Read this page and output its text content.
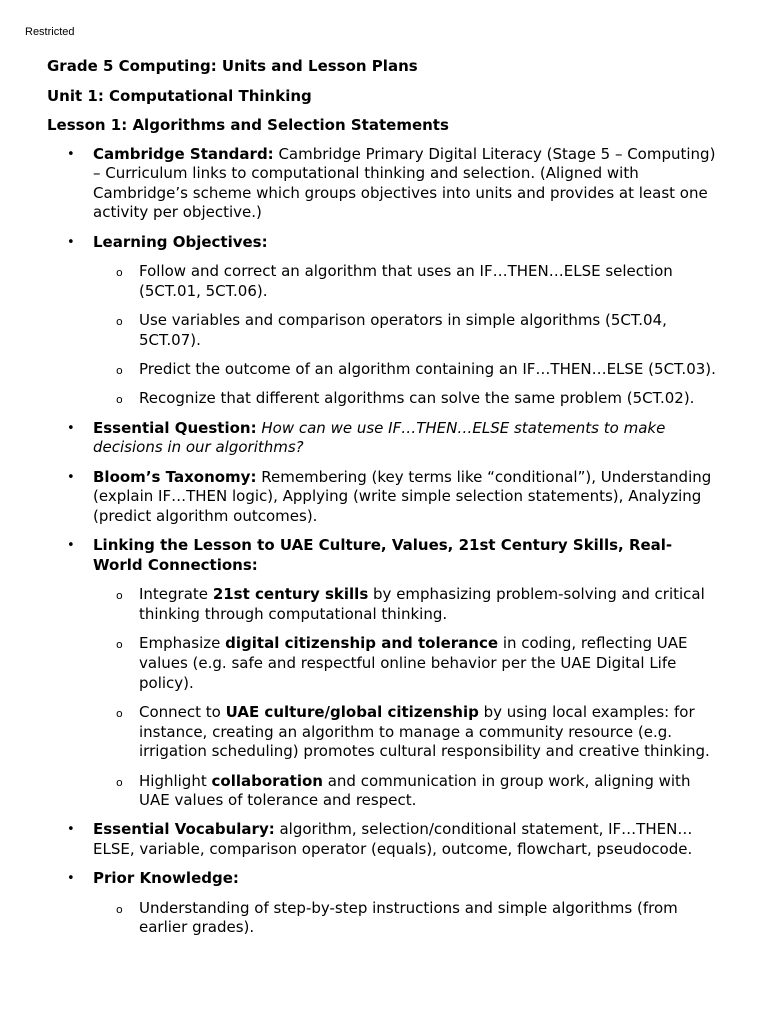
Restricted
Grade 5 Computing: Units and Lesson Plans
Unit 1: Computational Thinking
Lesson 1: Algorithms and Selection Statements
• Cambridge Standard: Cambridge Primary Digital Literacy (Stage 5 – Computing) – Curriculum links to computational thinking and selection. (Aligned with Cambridge’s scheme which groups objectives into units and provides at least one activity per objective.)
• Learning Objectives:
o Follow and correct an algorithm that uses an IF…THEN…ELSE selection (5CT.01, 5CT.06).
o Use variables and comparison operators in simple algorithms (5CT.04, 5CT.07).
o Predict the outcome of an algorithm containing an IF…THEN…ELSE (5CT.03).
o Recognize that different algorithms can solve the same problem (5CT.02).
• Essential Question: How can we use IF…THEN…ELSE statements to make decisions in our algorithms?
• Bloom’s Taxonomy: Remembering (key terms like “conditional”), Understanding (explain IF…THEN logic), Applying (write simple selection statements), Analyzing (predict algorithm outcomes).
• Linking the Lesson to UAE Culture, Values, 21st Century Skills, Real-World Connections:
o Integrate 21st century skills by emphasizing problem-solving and critical thinking through computational thinking.
o Emphasize digital citizenship and tolerance in coding, reflecting UAE values (e.g. safe and respectful online behavior per the UAE Digital Life policy).
o Connect to UAE culture/global citizenship by using local examples: for instance, creating an algorithm to manage a community resource (e.g. irrigation scheduling) promotes cultural responsibility and creative thinking.
o Highlight collaboration and communication in group work, aligning with UAE values of tolerance and respect.
• Essential Vocabulary: algorithm, selection/conditional statement, IF…THEN…ELSE, variable, comparison operator (equals), outcome, flowchart, pseudocode.
• Prior Knowledge:
o Understanding of step-by-step instructions and simple algorithms (from earlier grades).
